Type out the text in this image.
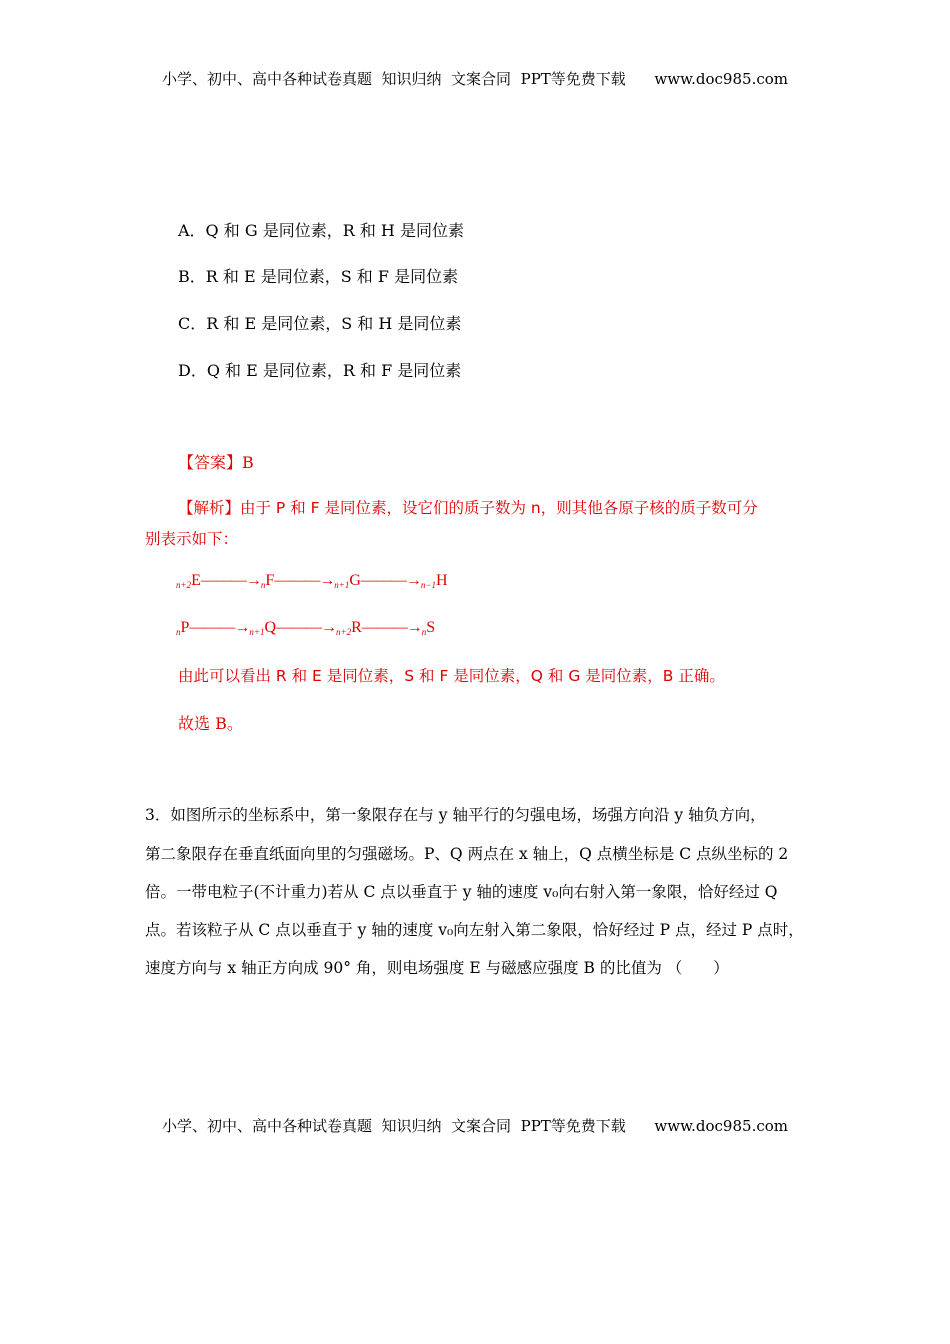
小学、初中、高中各种试卷真题  知识归纳  文案合同  PPT等免费下载      www.doc985.com
A．Q 和 G 是同位素，R 和 H 是同位素
B．R 和 E 是同位素，S 和 F 是同位素
C．R 和 E 是同位素，S 和 H 是同位素
D．Q 和 E 是同位素，R 和 F 是同位素
【答案】B
【解析】由于 P 和 F 是同位素，设它们的质子数为 n，则其他各原子核的质子数可分
别表示如下：
$_{n+2}E———\to_nF———\to_{n+1}G———\to_{n-1}H$
$_nP———\to_{n+1}Q———\to_{n+2}R———\to_nS$
由此可以看出 R 和 E 是同位素，S 和 F 是同位素，Q 和 G 是同位素，B 正确。
故选 B。
3．如图所示的坐标系中，第一象限存在与 y 轴平行的匀强电场，场强方向沿 y 轴负方向，
第二象限存在垂直纸面向里的匀强磁场。P、Q 两点在 x 轴上，Q 点横坐标是 C 点纵坐标的 2
倍。一带电粒子(不计重力)若从 C 点以垂直于 y 轴的速度 v₀向右射入第一象限，恰好经过 Q
点。若该粒子从 C 点以垂直于 y 轴的速度 v₀向左射入第二象限，恰好经过 P 点，经过 P 点时，
速度方向与 x 轴正方向成 90° 角，则电场强度 E 与磁感应强度 B 的比值为 （　　）
小学、初中、高中各种试卷真题  知识归纳  文案合同  PPT等免费下载      www.doc985.com
